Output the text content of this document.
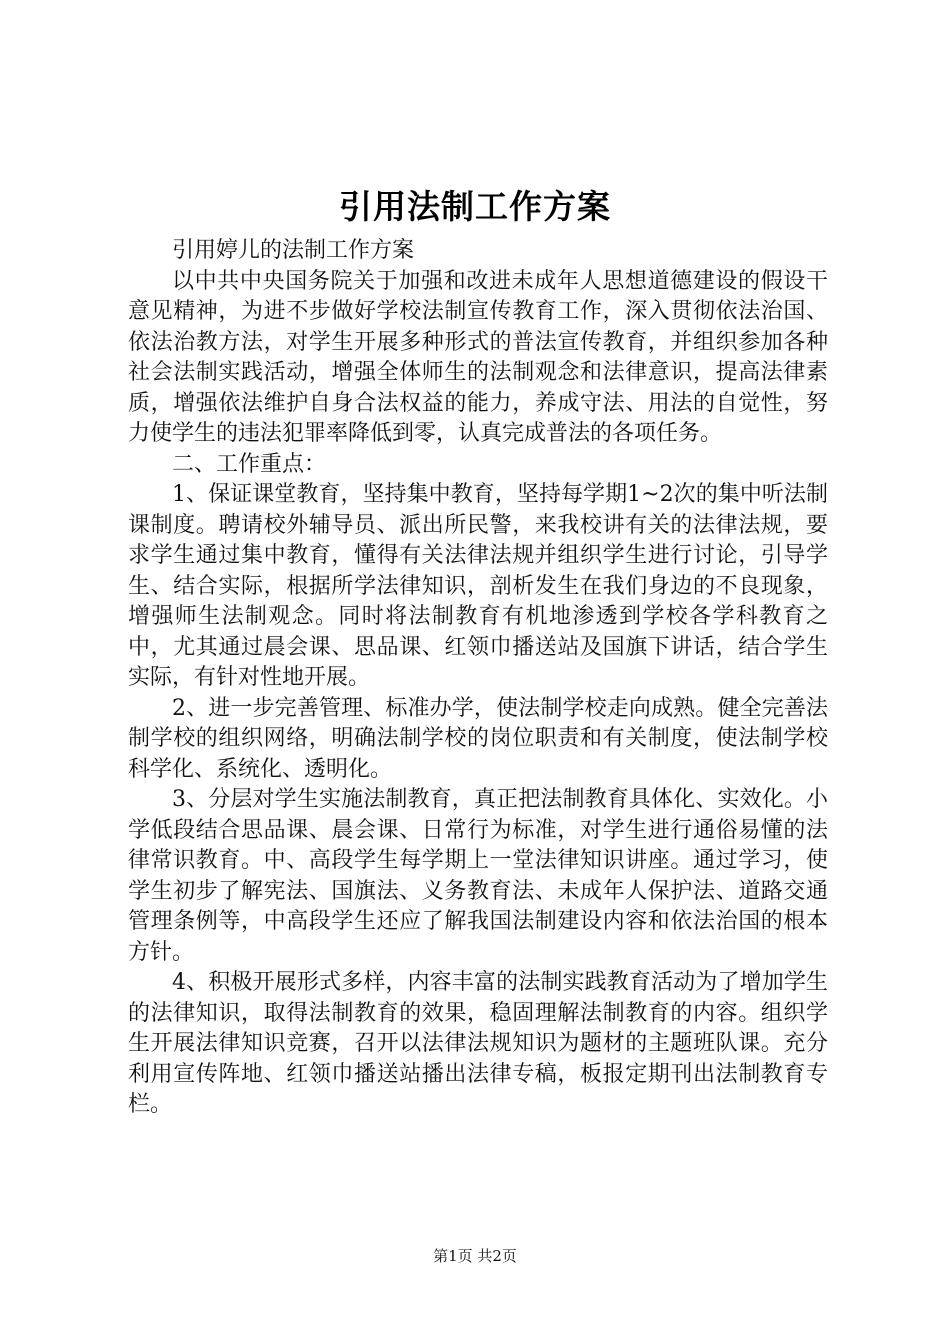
引用法制工作方案

引用婷儿的法制工作方案

以中共中央国务院关于加强和改进未成年人思想道德建设的假设干意见精神，为进不步做好学校法制宣传教育工作，深入贯彻依法治国、依法治教方法，对学生开展多种形式的普法宣传教育，并组织参加各种社会法制实践活动，增强全体师生的法制观念和法律意识，提高法律素质，增强依法维护自身合法权益的能力，养成守法、用法的自觉性，努力使学生的违法犯罪率降低到零，认真完成普法的各项任务。

二、工作重点：

1、保证课堂教育，坚持集中教育，坚持每学期1~2次的集中听法制课制度。聘请校外辅导员、派出所民警，来我校讲有关的法律法规，要求学生通过集中教育，懂得有关法律法规并组织学生进行讨论，引导学生、结合实际，根据所学法律知识，剖析发生在我们身边的不良现象，增强师生法制观念。同时将法制教育有机地渗透到学校各学科教育之中，尤其通过晨会课、思品课、红领巾播送站及国旗下讲话，结合学生实际，有针对性地开展。

2、进一步完善管理、标准办学，使法制学校走向成熟。健全完善法制学校的组织网络，明确法制学校的岗位职责和有关制度，使法制学校科学化、系统化、透明化。

3、分层对学生实施法制教育，真正把法制教育具体化、实效化。小学低段结合思品课、晨会课、日常行为标准，对学生进行通俗易懂的法律常识教育。中、高段学生每学期上一堂法律知识讲座。通过学习，使学生初步了解宪法、国旗法、义务教育法、未成年人保护法、道路交通管理条例等，中高段学生还应了解我国法制建设内容和依法治国的根本方针。

4、积极开展形式多样，内容丰富的法制实践教育活动为了增加学生的法律知识，取得法制教育的效果，稳固理解法制教育的内容。组织学生开展法律知识竞赛，召开以法律法规知识为题材的主题班队课。充分利用宣传阵地、红领巾播送站播出法律专稿，板报定期刊出法制教育专栏。

第1页 共2页
